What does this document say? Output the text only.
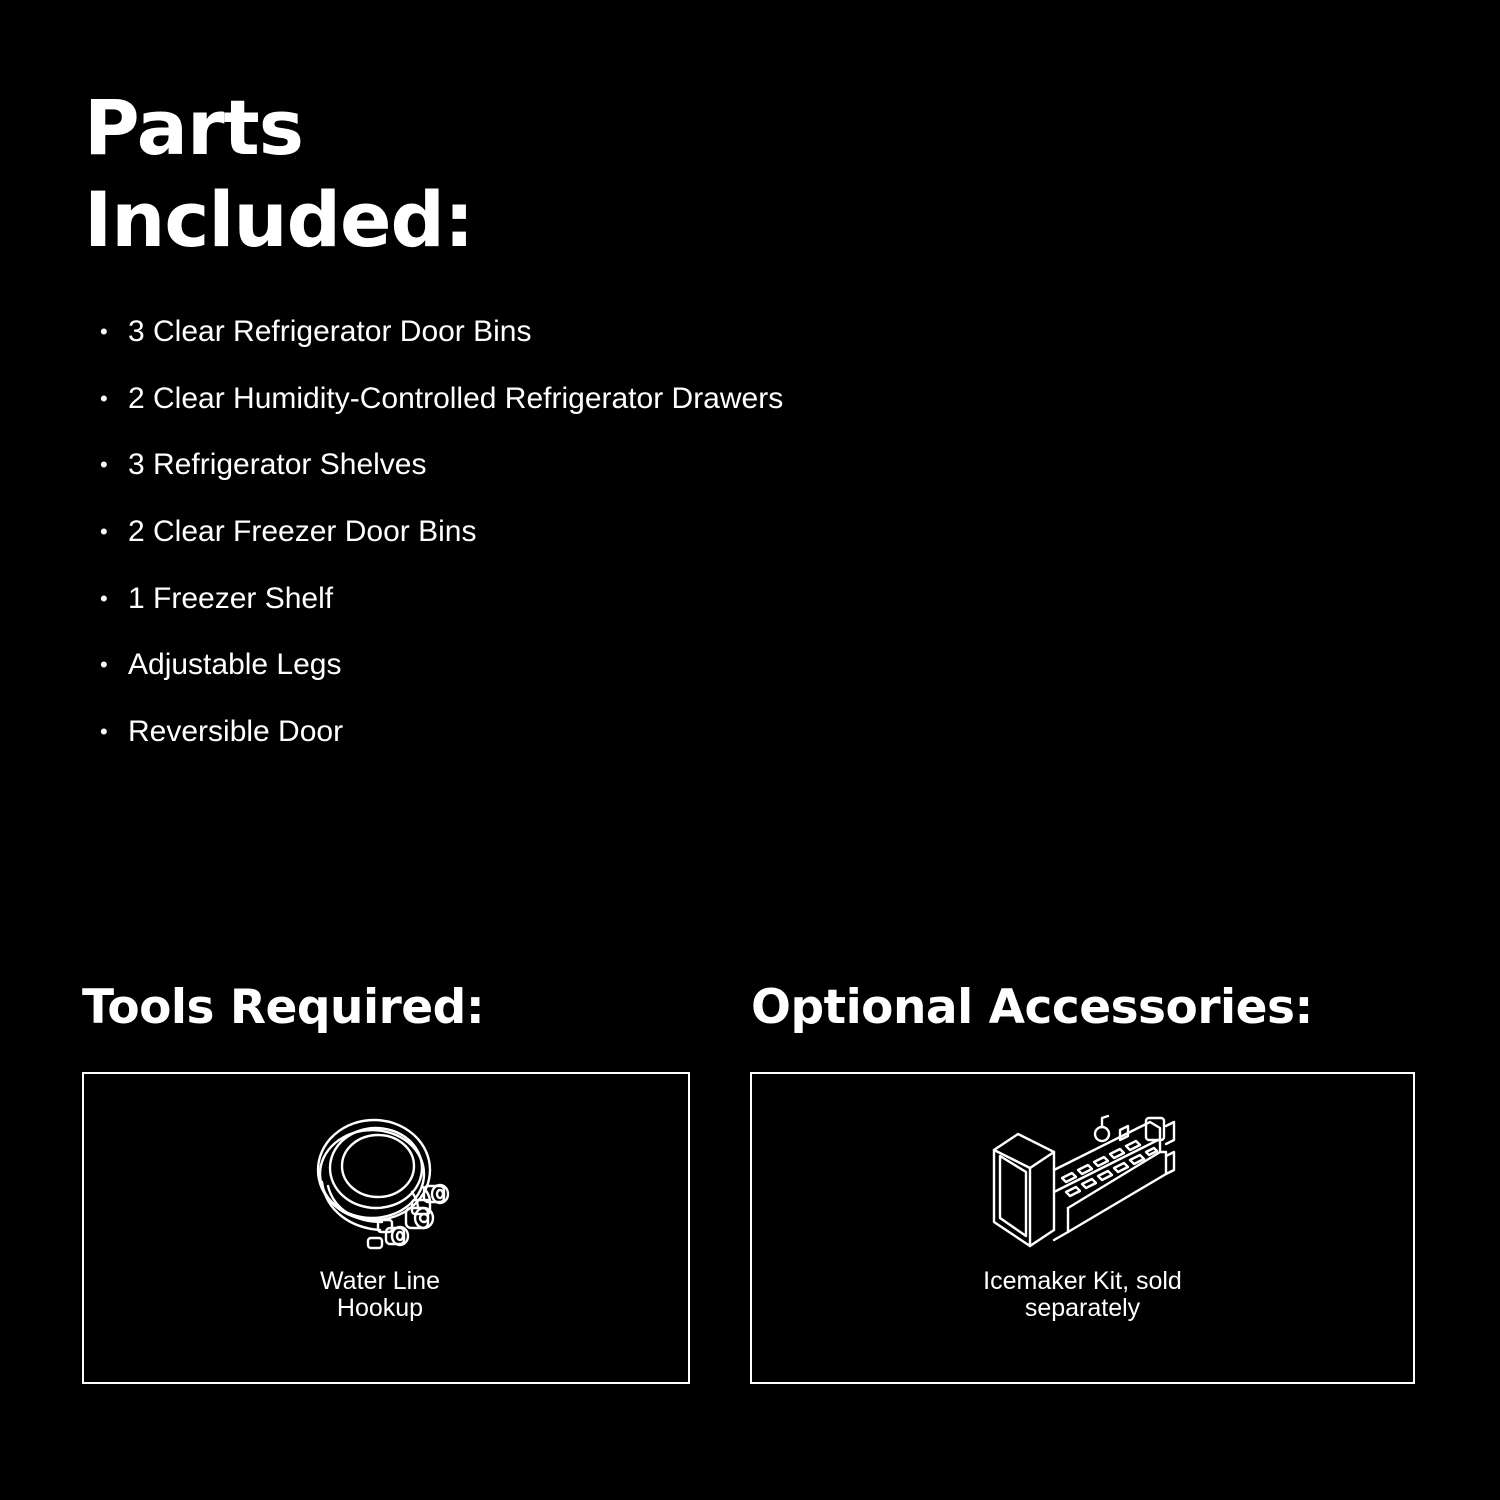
Parts
Included:
• 3 Clear Refrigerator Door Bins
• 2 Clear Humidity-Controlled Refrigerator Drawers
• 3 Refrigerator Shelves
• 2 Clear Freezer Door Bins
• 1 Freezer Shelf
• Adjustable Legs
• Reversible Door
Tools Required:	Optional Accessories:
Water Line
Hookup
Icemaker Kit, sold
separately
